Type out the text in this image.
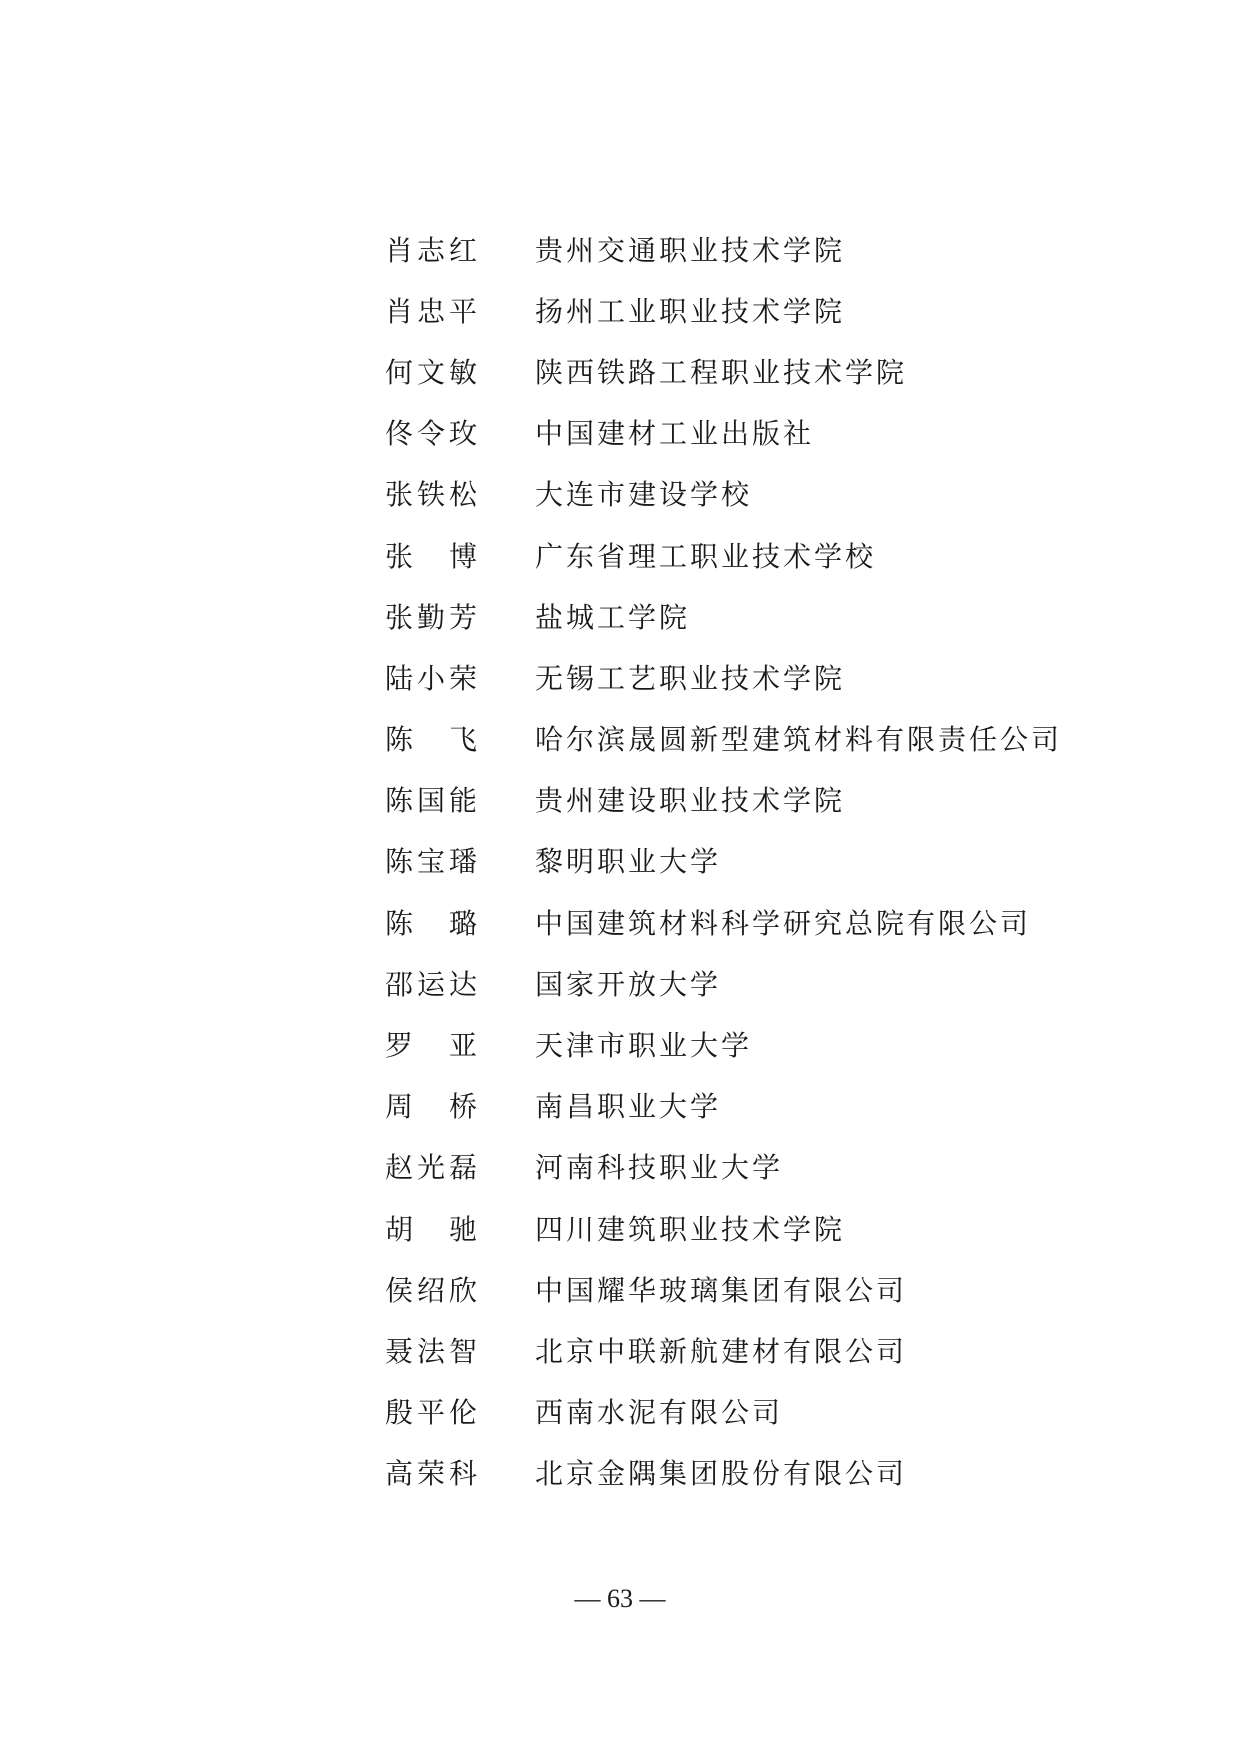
肖志红	贵州交通职业技术学院
肖忠平	扬州工业职业技术学院
何文敏	陕西铁路工程职业技术学院
佟令玫	中国建材工业出版社
张铁松	大连市建设学校
张　博	广东省理工职业技术学校
张勤芳	盐城工学院
陆小荣	无锡工艺职业技术学院
陈　飞	哈尔滨晟圆新型建筑材料有限责任公司
陈国能	贵州建设职业技术学院
陈宝璠	黎明职业大学
陈　璐	中国建筑材料科学研究总院有限公司
邵运达	国家开放大学
罗　亚	天津市职业大学
周　桥	南昌职业大学
赵光磊	河南科技职业大学
胡　驰	四川建筑职业技术学院
侯绍欣	中国耀华玻璃集团有限公司
聂法智	北京中联新航建材有限公司
殷平伦	西南水泥有限公司
高荣科	北京金隅集团股份有限公司
— 63 —
